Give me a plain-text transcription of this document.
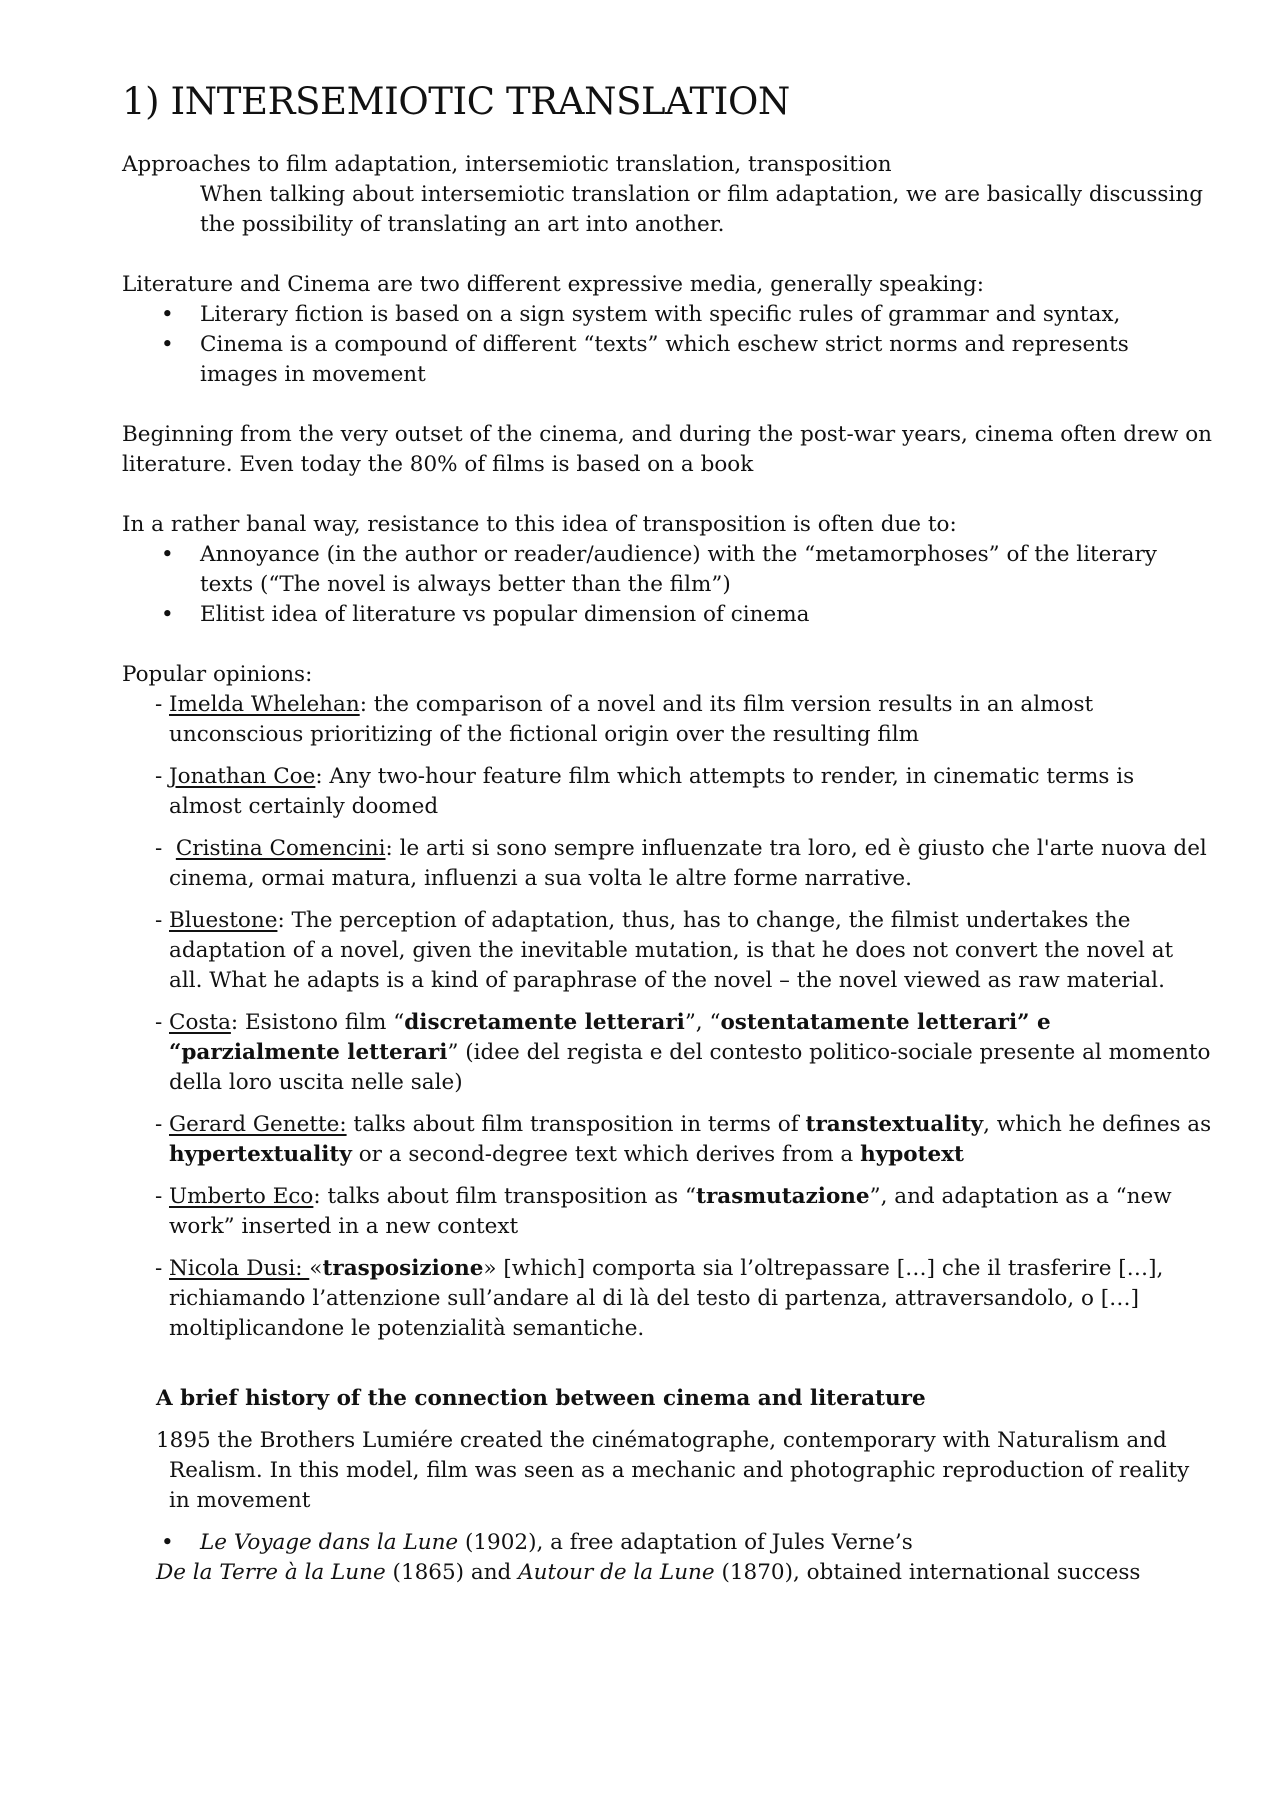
1) INTERSEMIOTIC TRANSLATION

Approaches to film adaptation, intersemiotic translation, transposition

When talking about intersemiotic translation or film adaptation, we are basically discussing the possibility of translating an art into another.

Literature and Cinema are two different expressive media, generally speaking:

• Literary fiction is based on a sign system with specific rules of grammar and syntax,
• Cinema is a compound of different “texts” which eschew strict norms and represents images in movement

Beginning from the very outset of the cinema, and during the post-war years, cinema often drew on literature. Even today the 80% of films is based on a book

In a rather banal way, resistance to this idea of transposition is often due to:

• Annoyance (in the author or reader/audience) with the “metamorphoses” of the literary texts (“The novel is always better than the film”)
• Elitist idea of literature vs popular dimension of cinema

Popular opinions:

- Imelda Whelehan: the comparison of a novel and its film version results in an almost unconscious prioritizing of the fictional origin over the resulting film

- Jonathan Coe: Any two-hour feature film which attempts to render, in cinematic terms is almost certainly doomed

- Cristina Comencini: le arti si sono sempre influenzate tra loro, ed è giusto che l'arte nuova del cinema, ormai matura, influenzi a sua volta le altre forme narrative.

- Bluestone: The perception of adaptation, thus, has to change, the filmist undertakes the adaptation of a novel, given the inevitable mutation, is that he does not convert the novel at all. What he adapts is a kind of paraphrase of the novel – the novel viewed as raw material.

- Costa: Esistono film “discretamente letterari”, “ostentatamente letterari” e “parzialmente letterari” (idee del regista e del contesto politico-sociale presente al momento della loro uscita nelle sale)

- Gerard Genette: talks about film transposition in terms of transtextuality, which he defines as hypertextuality or a second-degree text which derives from a hypotext

- Umberto Eco: talks about film transposition as “trasmutazione”, and adaptation as a “new work” inserted in a new context

- Nicola Dusi: «trasposizione» [which] comporta sia l’oltrepassare […] che il trasferire […], richiamando l’attenzione sull’andare al di là del testo di partenza, attraversandolo, o […] moltiplicandone le potenzialità semantiche.

A brief history of the connection between cinema and literature

1895 the Brothers Lumiére created the cinématographe, contemporary with Naturalism and Realism. In this model, film was seen as a mechanic and photographic reproduction of reality in movement

• Le Voyage dans la Lune (1902), a free adaptation of Jules Verne’s

De la Terre à la Lune (1865) and Autour de la Lune (1870), obtained international success
